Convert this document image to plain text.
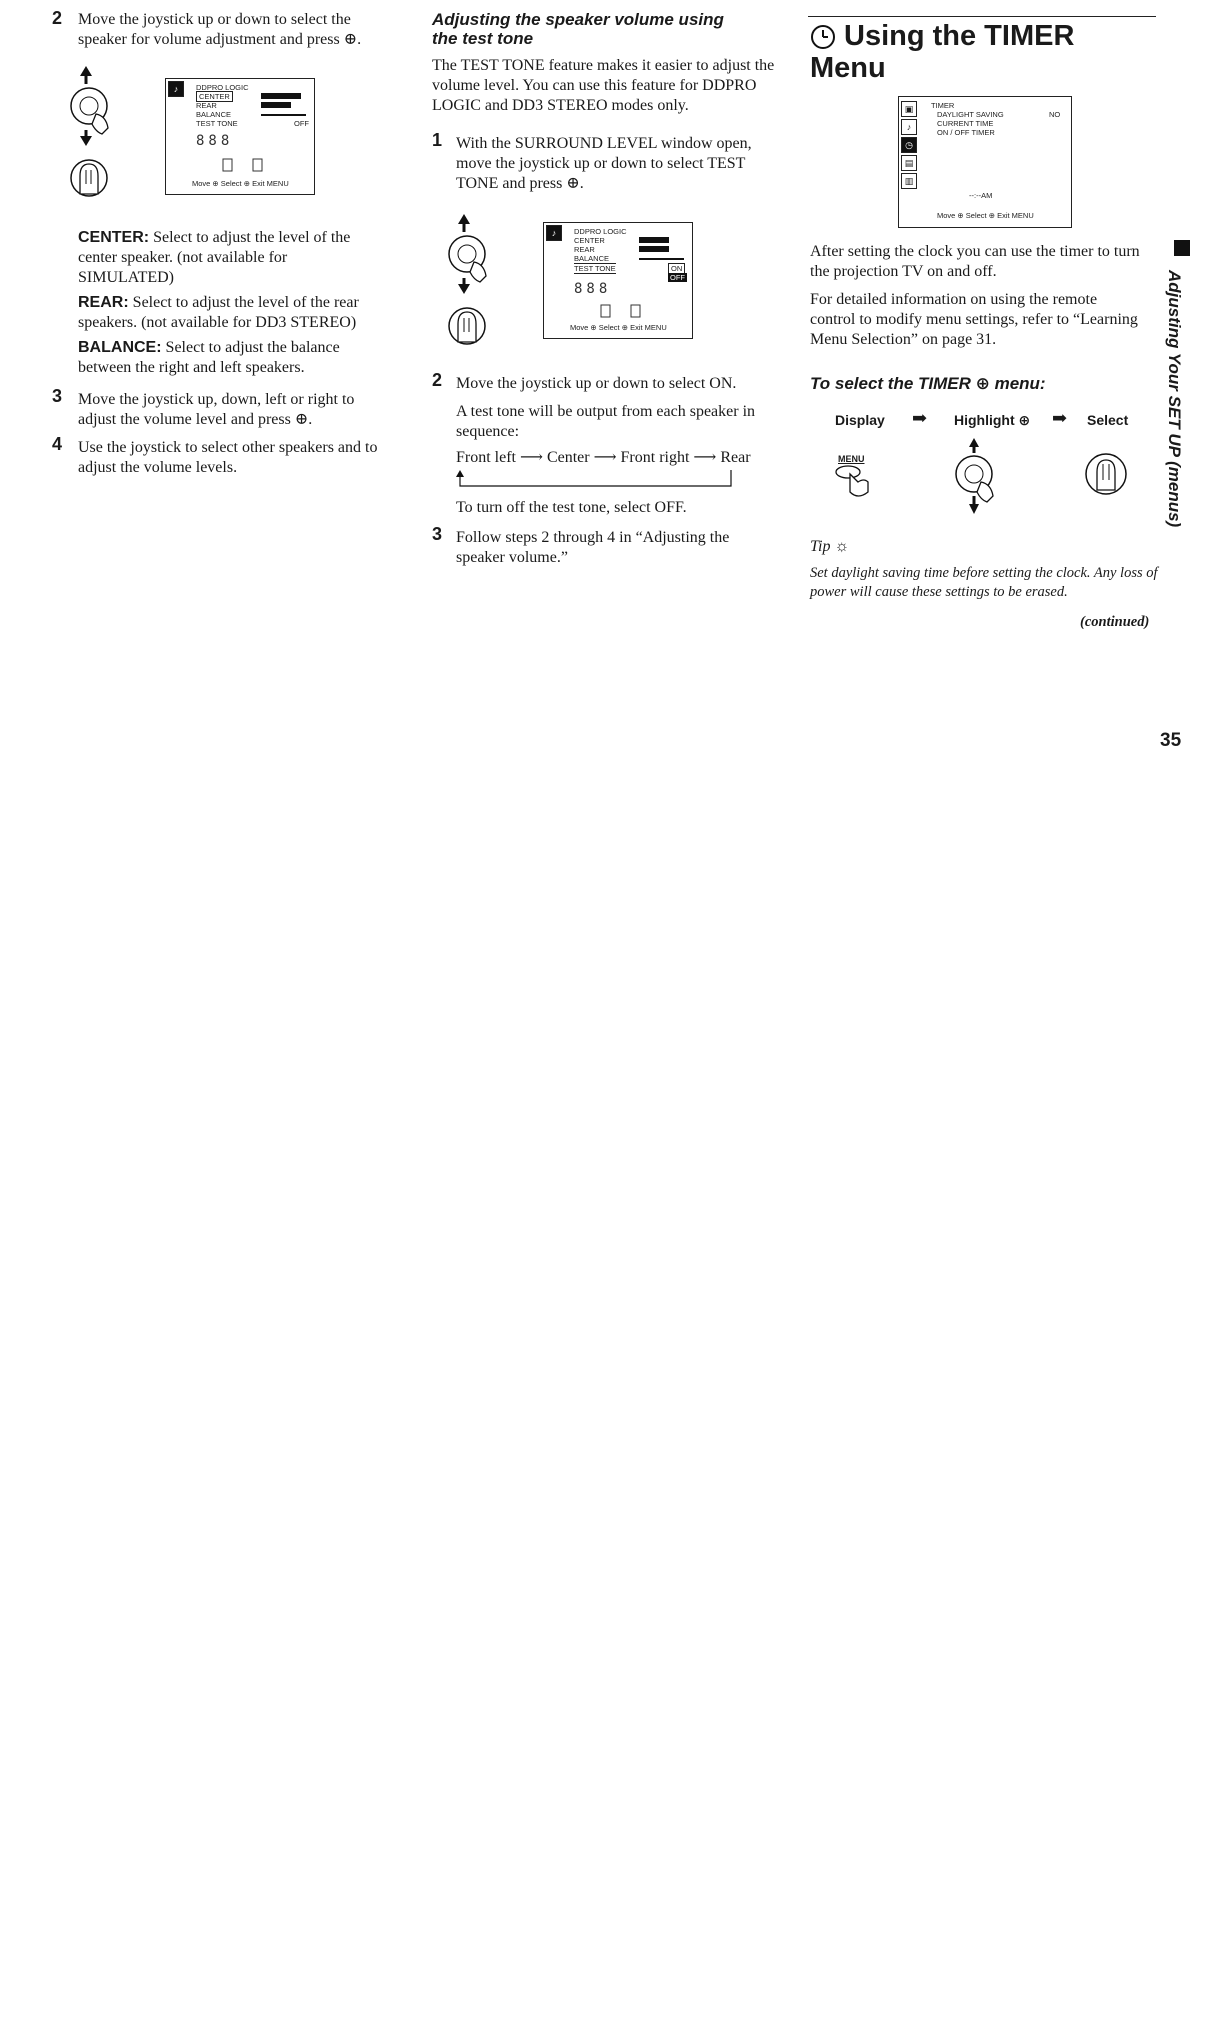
2 Move the joystick up or down to select the speaker for volume adjustment and press ⊕.
♪	DDPRO LOGIC
CENTER
REAR
BALANCE
TEST TONE	OFF
888
Move ⊕ Select ⊕ Exit MENU
CENTER: Select to adjust the level of the center speaker. (not available for SIMULATED)
REAR: Select to adjust the level of the rear speakers. (not available for DD3 STEREO)
BALANCE: Select to adjust the balance between the right and left speakers.
3 Move the joystick up, down, left or right to adjust the volume level and press ⊕.
4 Use the joystick to select other speakers and to adjust the volume levels.
Adjusting the speaker volume using the test tone
The TEST TONE feature makes it easier to adjust the volume level. You can use this feature for DDPRO LOGIC and DD3 STEREO modes only.
1 With the SURROUND LEVEL window open, move the joystick up or down to select TEST TONE and press ⊕.
♪	DDPRO LOGIC
CENTER
REAR
BALANCE
TEST TONE	ON
OFF
888
Move ⊕ Select ⊕ Exit MENU
2 Move the joystick up or down to select ON.
A test tone will be output from each speaker in sequence:
Front left ⟶ Center ⟶ Front right ⟶ Rear
To turn off the test tone, select OFF.
3 Follow steps 2 through 4 in “Adjusting the speaker volume.”
Using the TIMER Menu
▣
♪
◷
▤
▥
TIMER
DAYLIGHT SAVING	NO
CURRENT TIME
ON / OFF TIMER
--:--AM
Move ⊕ Select ⊕ Exit MENU
After setting the clock you can use the timer to turn the projection TV on and off.
For detailed information on using the remote control to modify menu settings, refer to “Learning Menu Selection” on page 31.
To select the TIMER ⊕ menu:
Display ➡ Highlight ⊕ ➡ Select
MENU
Tip ☼
Set daylight saving time before setting the clock. Any loss of power will cause these settings to be erased.
(continued)
Adjusting Your SET UP (menus)
35
